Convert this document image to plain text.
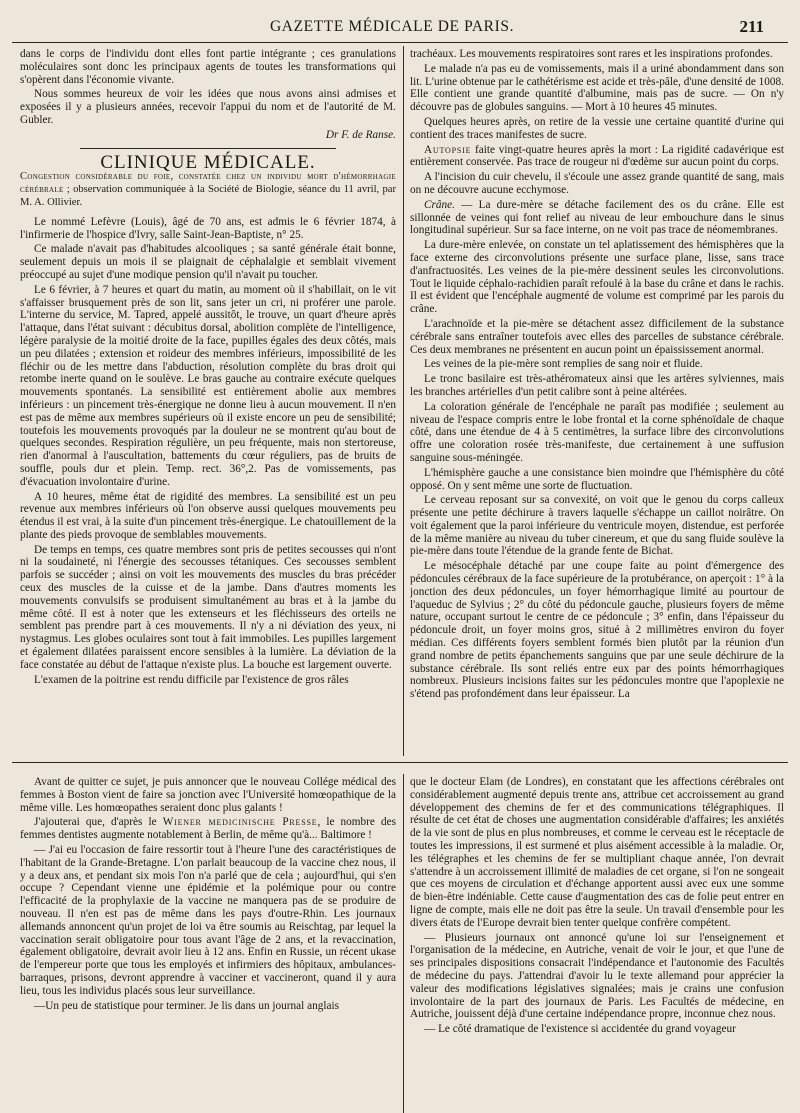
GAZETTE MÉDICALE DE PARIS.	211

dans le corps de l'individu dont elles font partie intégrante ; ces granulations moléculaires sont donc les principaux agents de toutes les transformations qui s'opèrent dans l'économie vivante.

Nous sommes heureux de voir les idées que nous avons ainsi admises et exposées il y a plusieurs années, recevoir l'appui du nom et de l'autorité de M. Gubler.

Dr F. de Ranse.

CLINIQUE MÉDICALE.

Congestion considérable du foie, constatée chez un individu mort d'hémorrhagie cérébrale ; observation communiquée à la Société de Biologie, séance du 11 avril, par M. A. Ollivier.

Le nommé Lefèvre (Louis), âgé de 70 ans, est admis le 6 février 1874, à l'infirmerie de l'hospice d'Ivry, salle Saint-Jean-Baptiste, n° 25.

Ce malade n'avait pas d'habitudes alcooliques ; sa santé générale était bonne, seulement depuis un mois il se plaignait de céphalalgie et semblait vivement préoccupé au sujet d'une modique pension qu'il n'avait pu toucher.

Le 6 février, à 7 heures et quart du matin, au moment où il s'habillait, on le vit s'affaisser brusquement près de son lit, sans jeter un cri, ni proférer une parole. L'interne du service, M. Tapred, appelé aussitôt, le trouve, un quart d'heure après l'attaque, dans l'état suivant : décubitus dorsal, abolition complète de l'intelligence, légère paralysie de la moitié droite de la face, pupilles égales des deux côtés, mais un peu dilatées ; extension et roideur des membres inférieurs, impossibilité de les fléchir ou de les mettre dans l'abduction, résolution complète du bras droit qui retombe inerte quand on le soulève. Le bras gauche au contraire exécute quelques mouvements spontanés. La sensibilité est entièrement abolie aux membres inférieurs : un pincement très-énergique ne donne lieu à aucun mouvement. Il n'en est pas de même aux membres supérieurs où il existe encore un peu de sensibilité; toutefois les mouvements provoqués par la douleur ne se montrent qu'au bout de quelques secondes. Respiration régulière, un peu fréquente, mais non stertoreuse, rien d'anormal à l'auscultation, battements du cœur réguliers, pas de bruits de souffle, pouls dur et plein. Temp. rect. 36°,2. Pas de vomissements, pas d'évacuation involontaire d'urine.

A 10 heures, même état de rigidité des membres. La sensibilité est un peu revenue aux membres inférieurs où l'on observe aussi quelques mouvements peu étendus il est vrai, à la suite d'un pincement très-énergique. Le chatouillement de la plante des pieds provoque de semblables mouvements.

De temps en temps, ces quatre membres sont pris de petites secousses qui n'ont ni la soudaineté, ni l'énergie des secousses tétaniques. Ces secousses semblent parfois se succéder ; ainsi on voit les mouvements des muscles du bras précéder ceux des muscles de la cuisse et de la jambe. Dans d'autres moments les mouvements convulsifs se produisent simultanément au bras et à la jambe du même côté. Il est à noter que les extenseurs et les fléchisseurs des orteils ne semblent pas prendre part à ces mouvements. Il n'y a ni déviation des yeux, ni nystagmus. Les globes oculaires sont tout à fait immobiles. Les pupilles largement et également dilatées paraissent encore sensibles à la lumière. La déviation de la face constatée au début de l'attaque n'existe plus. La bouche est largement ouverte.

L'examen de la poitrine est rendu difficile par l'existence de gros râles

trachéaux. Les mouvements respiratoires sont rares et les inspirations profondes.

Le malade n'a pas eu de vomissements, mais il a uriné abondamment dans son lit. L'urine obtenue par le cathétérisme est acide et très-pâle, d'une densité de 1008. Elle contient une grande quantité d'albumine, mais pas de sucre. — On n'y découvre pas de globules sanguins. — Mort à 10 heures 45 minutes.

Quelques heures après, on retire de la vessie une certaine quantité d'urine qui contient des traces manifestes de sucre.

Autopsie faite vingt-quatre heures après la mort : La rigidité cadavérique est entièrement conservée. Pas trace de rougeur ni d'œdème sur aucun point du corps.

A l'incision du cuir chevelu, il s'écoule une assez grande quantité de sang, mais on ne découvre aucune ecchymose.

Crâne. — La dure-mère se détache facilement des os du crâne. Elle est sillonnée de veines qui font relief au niveau de leur embouchure dans le sinus longitudinal supérieur. Sur sa face interne, on ne voit pas trace de néomembranes.

La dure-mère enlevée, on constate un tel aplatissement des hémisphères que la face externe des circonvolutions présente une surface plane, lisse, sans trace d'anfractuosités. Les veines de la pie-mère dessinent seules les circonvolutions. Tout le liquide céphalo-rachidien paraît refoulé à la base du crâne et dans le rachis. Il est évident que l'encéphale augmenté de volume est comprimé par les parois du crâne.

L'arachnoïde et la pie-mère se détachent assez difficilement de la substance cérébrale sans entraîner toutefois avec elles des parcelles de substance cérébrale. Ces deux membranes ne présentent en aucun point un épaississement anormal.

Les veines de la pie-mère sont remplies de sang noir et fluide.

Le tronc basilaire est très-athéromateux ainsi que les artères sylviennes, mais les branches artérielles d'un petit calibre sont à peine altérées.

La coloration générale de l'encéphale ne paraît pas modifiée ; seulement au niveau de l'espace compris entre le lobe frontal et la corne sphénoïdale de chaque côté, dans une étendue de 4 à 5 centimètres, la surface libre des circonvolutions offre une coloration rosée très-manifeste, due certainement à une suffusion sanguine sous-méningée.

L'hémisphère gauche a une consistance bien moindre que l'hémisphère du côté opposé. On y sent même une sorte de fluctuation.

Le cerveau reposant sur sa convexité, on voit que le genou du corps calleux présente une petite déchirure à travers laquelle s'échappe un caillot noirâtre. On voit également que la paroi inférieure du ventricule moyen, distendue, est perforée de la même manière au niveau du tuber cinereum, et que du sang fluide soulève la pie-mère dans toute l'étendue de la grande fente de Bichat.

Le mésocéphale détaché par une coupe faite au point d'émergence des pédoncules cérébraux de la face supérieure de la protubérance, on aperçoit : 1° à la jonction des deux pédoncules, un foyer hémorrhagique limité au pourtour de l'aqueduc de Sylvius ; 2° du côté du pédoncule gauche, plusieurs foyers de même nature, occupant surtout le centre de ce pédoncule ; 3° enfin, dans l'épaisseur du pédoncule droit, un foyer moins gros, situé à 2 millimètres environ du foyer médian. Ces différents foyers semblent formés bien plutôt par la réunion d'un grand nombre de petits épanchements sanguins que par une seule déchirure de la substance cérébrale. Ils sont reliés entre eux par des points hémorrhagiques nombreux. Plusieurs incisions faites sur les pédoncules montre que l'apoplexie ne s'étend pas profondément dans leur épaisseur. La

Avant de quitter ce sujet, je puis annoncer que le nouveau Collége médical des femmes à Boston vient de faire sa jonction avec l'Université homœopathique de la même ville. Les homœopathes seraient donc plus galants !

J'ajouterai que, d'après le Wiener medicinische Presse, le nombre des femmes dentistes augmente notablement à Berlin, de même qu'à... Baltimore !

— J'ai eu l'occasion de faire ressortir tout à l'heure l'une des caractéristiques de l'habitant de la Grande-Bretagne. L'on parlait beaucoup de la vaccine chez nous, il y a deux ans, et pendant six mois l'on n'a parlé que de cela ; aujourd'hui, qui s'en occupe ? Cependant vienne une épidémie et la polémique pour ou contre l'efficacité de la prophylaxie de la vaccine ne manquera pas de se produire de nouveau. Il n'en est pas de même dans les pays d'outre-Rhin. Les journaux allemands annoncent qu'un projet de loi va être soumis au Reischtag, par lequel la vaccination serait obligatoire pour tous avant l'âge de 2 ans, et la revaccination, également obligatoire, devrait avoir lieu à 12 ans. Enfin en Russie, un récent ukase de l'empereur porte que tous les employés et infirmiers des hôpitaux, ambulances-barraques, prisons, devront apprendre à vacciner et vaccineront, quand il y aura lieu, tous les individus placés sous leur surveillance.

—Un peu de statistique pour terminer. Je lis dans un journal anglais

que le docteur Elam (de Londres), en constatant que les affections cérébrales ont considérablement augmenté depuis trente ans, attribue cet accroissement au grand développement des chemins de fer et des communications télégraphiques. Il résulte de cet état de choses une augmentation considérable d'affaires; les anxiétés de la vie sont de plus en plus nombreuses, et comme le cerveau est le réceptacle de toutes les impressions, il est surmené et plus aisément accessible à la maladie. Or, les télégraphes et les chemins de fer se multipliant chaque année, l'on devrait s'attendre à un accroissement illimité de maladies de cet organe, si l'on ne songeait que ces moyens de circulation et d'échange apportent aussi avec eux une somme de bien-être indéniable. Cette cause d'augmentation des cas de folie peut entrer en ligne de compte, mais elle ne doit pas être la seule. Un travail d'ensemble pour les divers états de l'Europe devrait bien tenter quelque confrère compétent.

— Plusieurs journaux ont annoncé qu'une loi sur l'enseignement et l'organisation de la médecine, en Autriche, venait de voir le jour, et que l'une de ses principales dispositions consacrait l'indépendance et l'autonomie des Facultés de médecine du pays. J'attendrai d'avoir lu le texte allemand pour apprécier la valeur des modifications législatives signalées; mais je crains une confusion involontaire de la part des journaux de Paris. Les Facultés de médecine, en Autriche, jouissent déjà d'une certaine indépendance propre, inconnue chez nous.

— Le côté dramatique de l'existence si accidentée du grand voyageur
